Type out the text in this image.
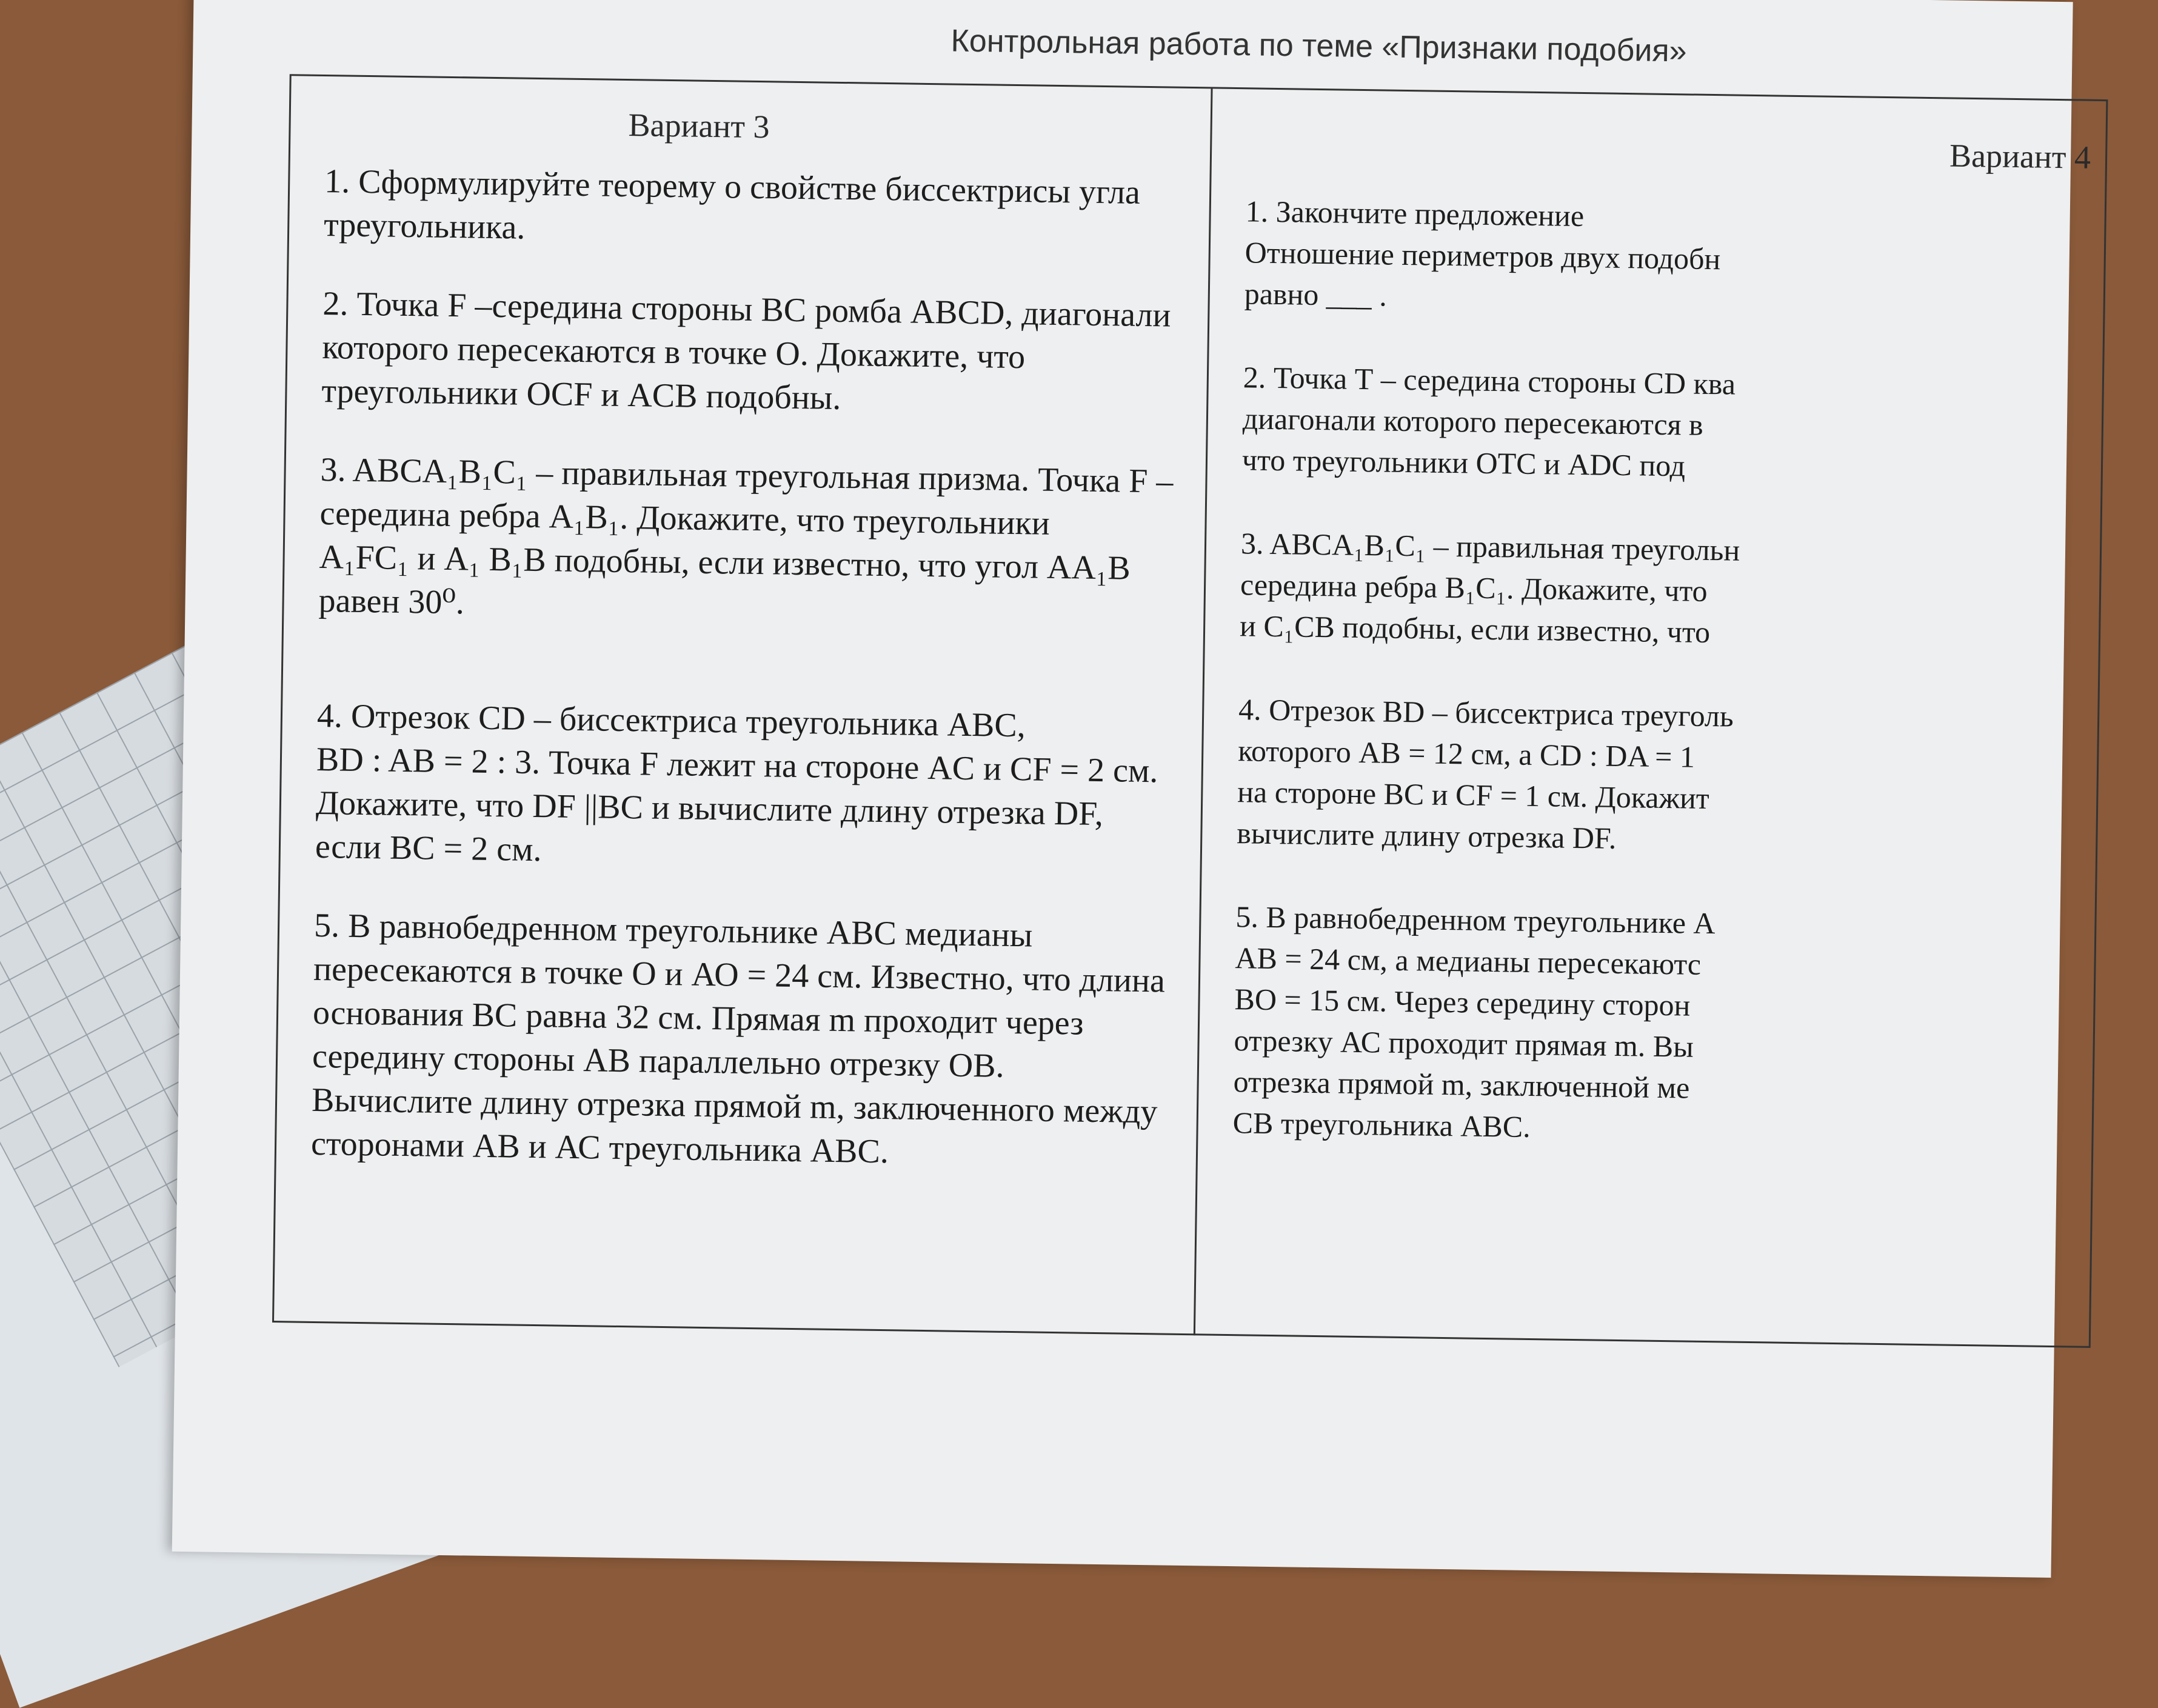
Контрольная работа по теме «Признаки подобия»
Вариант 3
Вариант 4
1. Сформулируйте теорему о свойстве биссектрисы угла
треугольника.
2. Точка F –середина стороны ВС ромба ABCD, диагонали
которого пересекаются в точке О. Докажите, что
треугольники OCF и ACB подобны.
3. ABCA₁B₁C₁ – правильная треугольная призма. Точка F –
середина ребра A₁B₁. Докажите, что треугольники
A₁FC₁ и A₁ B₁B подобны, если известно, что угол AA₁B
равен 30⁰.
4. Отрезок CD – биссектриса треугольника ABC,
BD : AB = 2 : 3. Точка F лежит на стороне AC и CF = 2 см.
Докажите, что DF ||BC и вычислите длину отрезка DF,
если BC = 2 см.
5. В равнобедренном треугольнике ABC медианы
пересекаются в точке О и АО = 24 см. Известно, что длина
основания ВС равна 32 см. Прямая m проходит через
середину стороны АВ параллельно отрезку ОВ.
Вычислите длину отрезка прямой m, заключенного между
сторонами АВ и АС треугольника АВС.
1. Закончите предложение
Отношение периметров двух подобн
равно ___ .
2. Точка Т – середина стороны CD ква
диагонали которого пересекаются в
что треугольники OTC и ADC под
3. ABCA₁B₁C₁ – правильная треугольн
середина ребра B₁C₁. Докажите, что
и C₁CB подобны, если известно, что
4. Отрезок BD – биссектриса треуголь
которого AB = 12 см, а CD : DA = 1
на стороне BC и CF = 1 см. Докажит
вычислите длину отрезка DF.
5. В равнобедренном треугольнике А
АВ = 24 см, а медианы пересекаютс
ВО = 15 см. Через середину сторон
отрезку АС проходит прямая m. Вы
отрезка прямой m, заключенной ме
СВ треугольника АВС.
